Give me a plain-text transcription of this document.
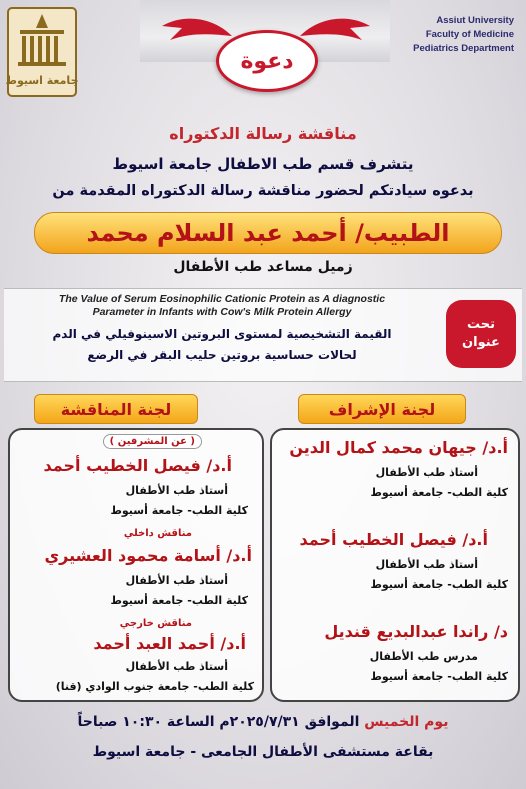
جامعة اسيوط
Assiut University
Faculty of Medicine
Pediatrics Department
دعوة
مناقشة رسالة الدكتوراه
يتشرف قسم طب الاطفال جامعة اسيوط
بدعوه سيادتكم لحضور مناقشة رسالة الدكتوراه المقدمة من
الطبيب/ أحمد عبد السلام محمد
زميل مساعد طب الأطفال
The Value of Serum Eosinophilic Cationic Protein as A diagnostic
Parameter in Infants with Cow's Milk Protein Allergy
القيمة التشخيصية لمستوى البروتين الاسينوفيلي في الدم
لحالات حساسية بروتين حليب البقر في الرضع
تحت
عنوان
لجنة الإشراف
لجنة المناقشة
أ.د/ جيهان محمد كمال الدين
أستاذ طب الأطفال
كلية الطب- جامعة أسيوط
أ.د/ فيصل الخطيب أحمد
أستاذ طب الأطفال
كلية الطب- جامعة أسيوط
د/ راندا عبدالبديع قنديل
مدرس طب الأطفال
كلية الطب- جامعة أسيوط
( عن المشرفين )
أ.د/ فيصل الخطيب أحمد
أستاذ طب الأطفال
كلية الطب- جامعة أسيوط
مناقش داخلي
أ.د/ أسامة محمود العشيري
أستاذ طب الأطفال
كلية الطب- جامعة أسيوط
مناقش خارجي
أ.د/ أحمد العبد أحمد
أستاذ طب الأطفال
كلية الطب- جامعة جنوب الوادي (قنا)
يوم الخميس الموافق ٢٠٢٥/٧/٣١م الساعة ١٠:٣٠ صباحاً
بقاعة مستشفى الأطفال الجامعى - جامعة اسيوط
